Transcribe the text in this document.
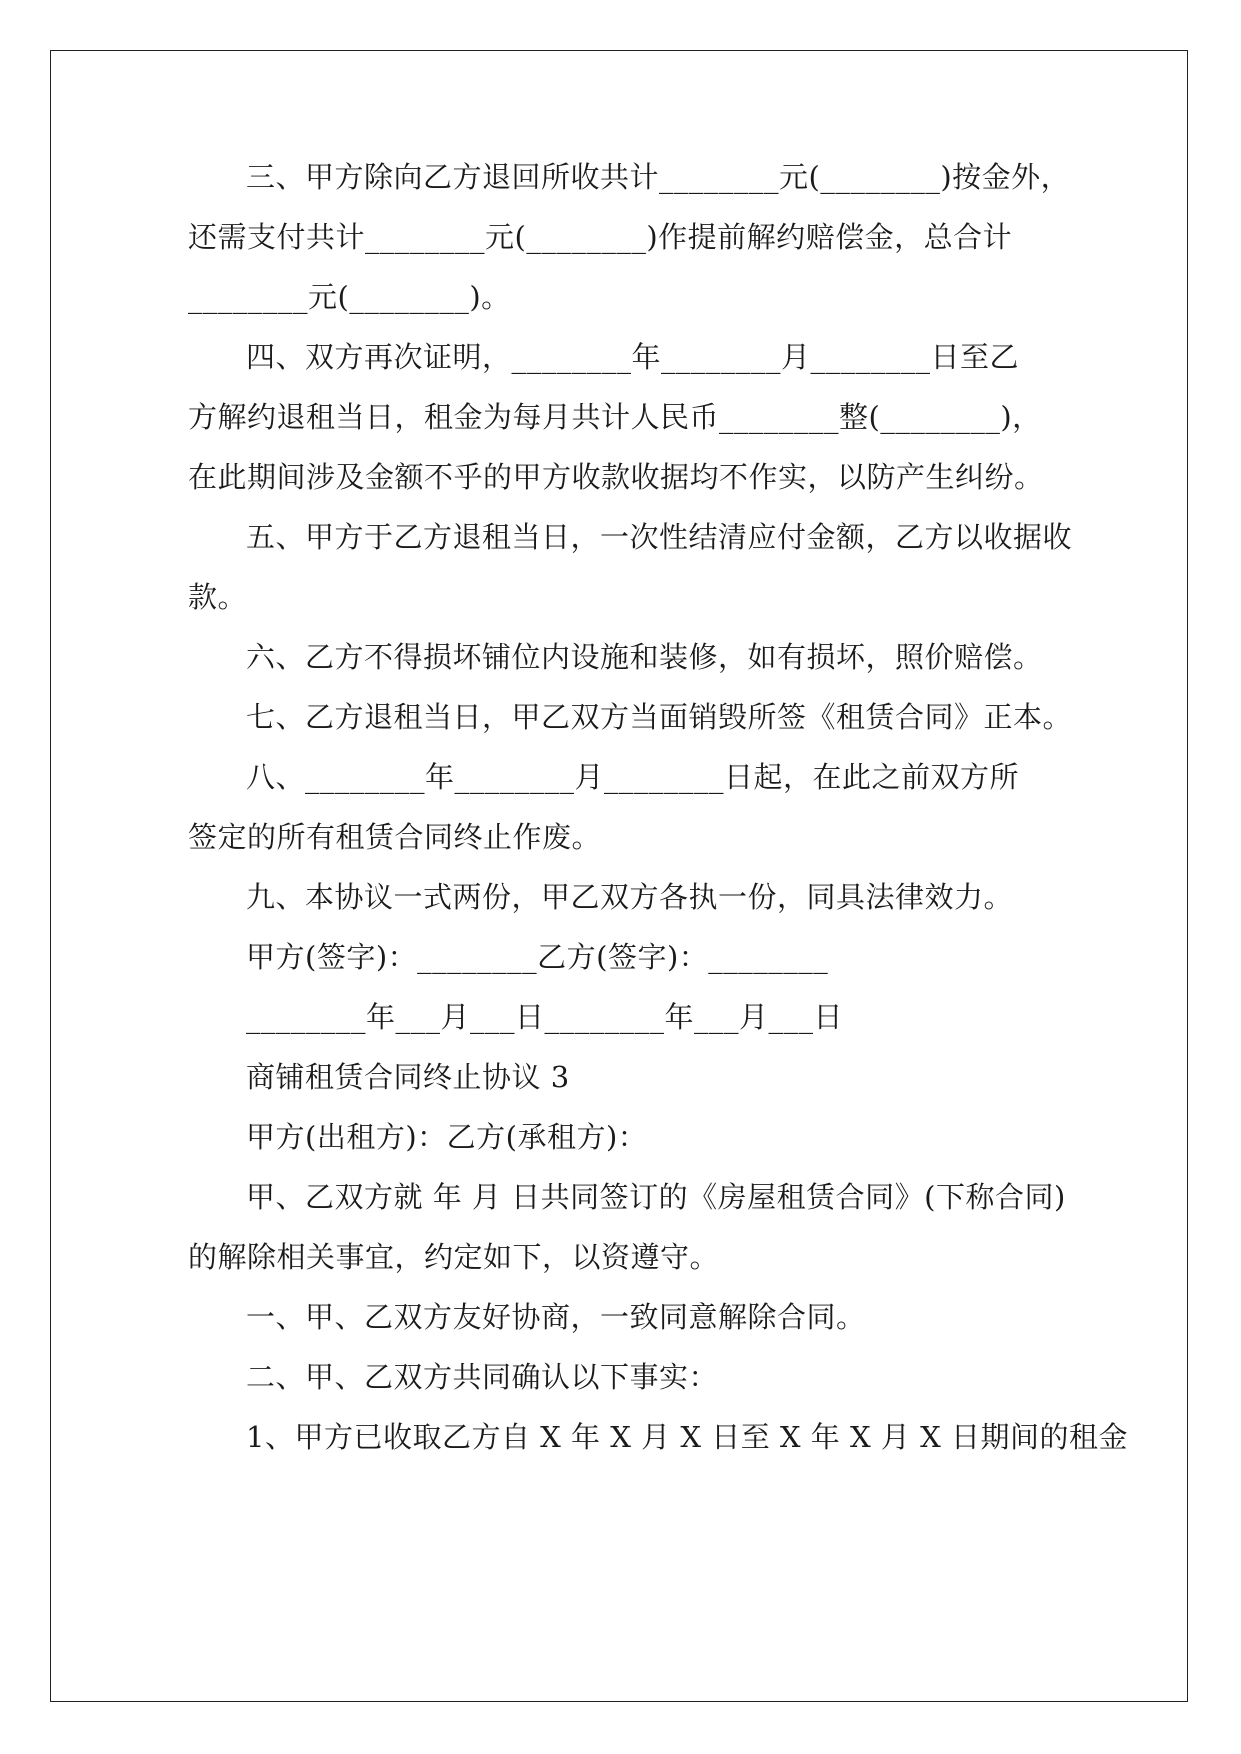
三、甲方除向乙方退回所收共计________元(________)按金外，
还需支付共计________元(________)作提前解约赔偿金，总合计
________元(________)。
四、双方再次证明，________年________月________日至乙
方解约退租当日，租金为每月共计人民币________整(________)，
在此期间涉及金额不乎的甲方收款收据均不作实，以防产生纠纷。
五、甲方于乙方退租当日，一次性结清应付金额，乙方以收据收
款。
六、乙方不得损坏铺位内设施和装修，如有损坏，照价赔偿。
七、乙方退租当日，甲乙双方当面销毁所签《租赁合同》正本。
八、________年________月________日起，在此之前双方所
签定的所有租赁合同终止作废。
九、本协议一式两份，甲乙双方各执一份，同具法律效力。
甲方(签字)：________乙方(签字)：________
________年___月___日________年___月___日
商铺租赁合同终止协议 3
甲方(出租方)：乙方(承租方)：
甲、乙双方就 年 月 日共同签订的《房屋租赁合同》(下称合同)
的解除相关事宜，约定如下，以资遵守。
一、甲、乙双方友好协商，一致同意解除合同。
二、甲、乙双方共同确认以下事实：
1、甲方已收取乙方自 X 年 X 月 X 日至 X 年 X 月 X 日期间的租金
